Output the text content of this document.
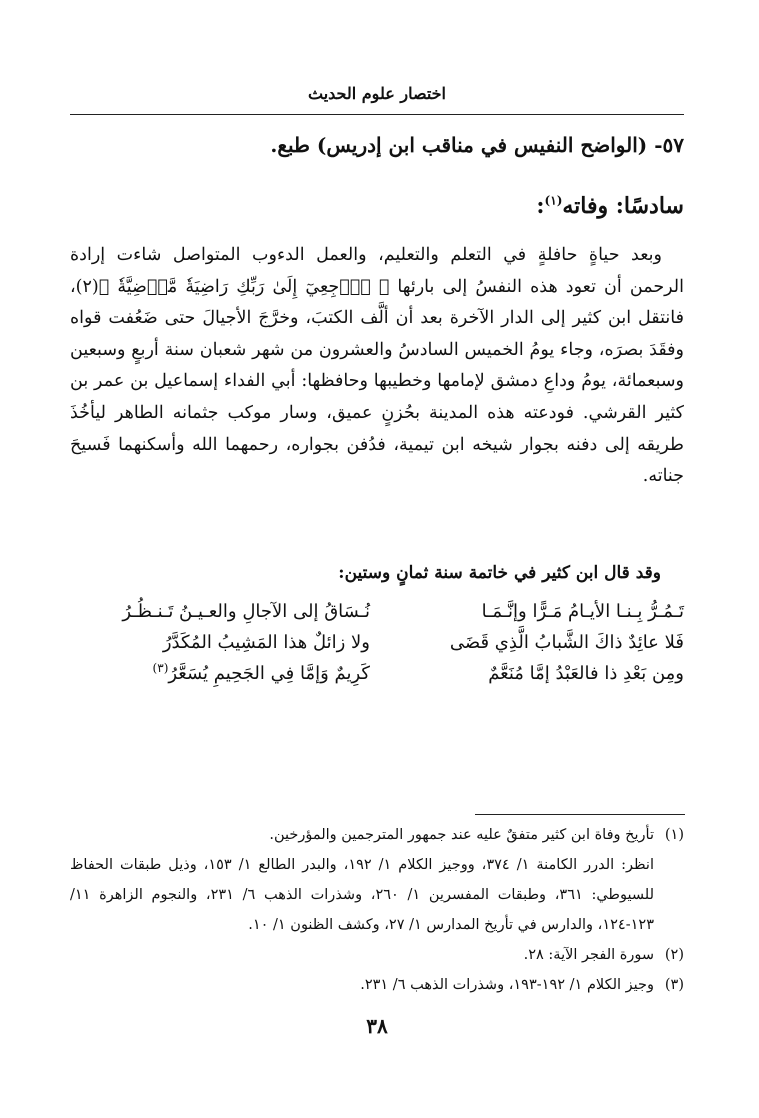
اختصار علوم الحديث
٥٧- (الواضح النفيس في مناقب ابن إدريس) طبع.
سادسًا: وفاته$^{(١)}$:

وبعد حياةٍ حافلةٍ في التعلم والتعليم، والعمل الدءوب المتواصل شاءت إرادة الرحمن أن تعود هذه النفسُ إلى بارئها ﴿ ٱرۡجِعِيٓ إِلَىٰ رَبِّكِ رَاضِيَةٗ مَّرۡضِيَّةٗ ﴾(٢)، فانتقل ابن كثير إلى الدار الآخرة بعد أن ألَّف الكتبَ، وخرَّجَ الأجيالَ حتى ضَعُفت قواه وفقَدَ بصرَه، وجاء يومُ الخميس السادسُ والعشرون من شهر شعبان سنة أربعٍ وسبعين وسبعمائة، يومُ وداعِ دمشق لإمامها وخطيبها وحافظها: أبي الفداء إسماعيل بن عمر بن كثير القرشي. فودعته هذه المدينة بحُزنٍ عميق، وسار موكب جثمانه الطاهر ليأخُذَ طريقه إلى دفنه بجوار شيخه ابن تيمية، فدُفن بجواره، رحمهما الله وأسكنهما فَسيحَ جناته.

وقد قال ابن كثير في خاتمة سنة ثمانٍ وستين:
تَـمُـرُّ بِـنـا الأيـامُ مَـرًّا وإنَّـمَـا
نُـسَاقُ إلى الآجالِ والعـيـنُ تَـنـظُـرُ
فَلا عائِدٌ ذاكَ الشَّبابُ الَّذِي قَضَى
ولا زائلٌ هذا المَشِيبُ المُكَدَّرُ
ومِن بَعْدِ ذا فالعَبْدُ إمَّا مُنَعَّمٌ
كَرِيمٌ وَإمَّا فِي الجَحِيمِ يُسَعَّرُ$^{(٣)}$
(١)
تأريخ وفاة ابن كثير متفقٌ عليه عند جمهور المترجمين والمؤرخين.
انظر: الدرر الكامنة ١/ ٣٧٤، ووجيز الكلام ١/ ١٩٢، والبدر الطالع ١/ ١٥٣، وذيل طبقات الحفاظ للسيوطي: ٣٦١، وطبقات المفسرين ١/ ٢٦٠، وشذرات الذهب ٦/ ٢٣١، والنجوم الزاهرة ١١/ ١٢٣-١٢٤، والدارس في تأريخ المدارس ١/ ٢٧، وكشف الظنون ١/ ١٠.
(٢)
سورة الفجر الآية: ٢٨.
(٣)
وجيز الكلام ١/ ١٩٢-١٩٣، وشذرات الذهب ٦/ ٢٣١.
٣٨
